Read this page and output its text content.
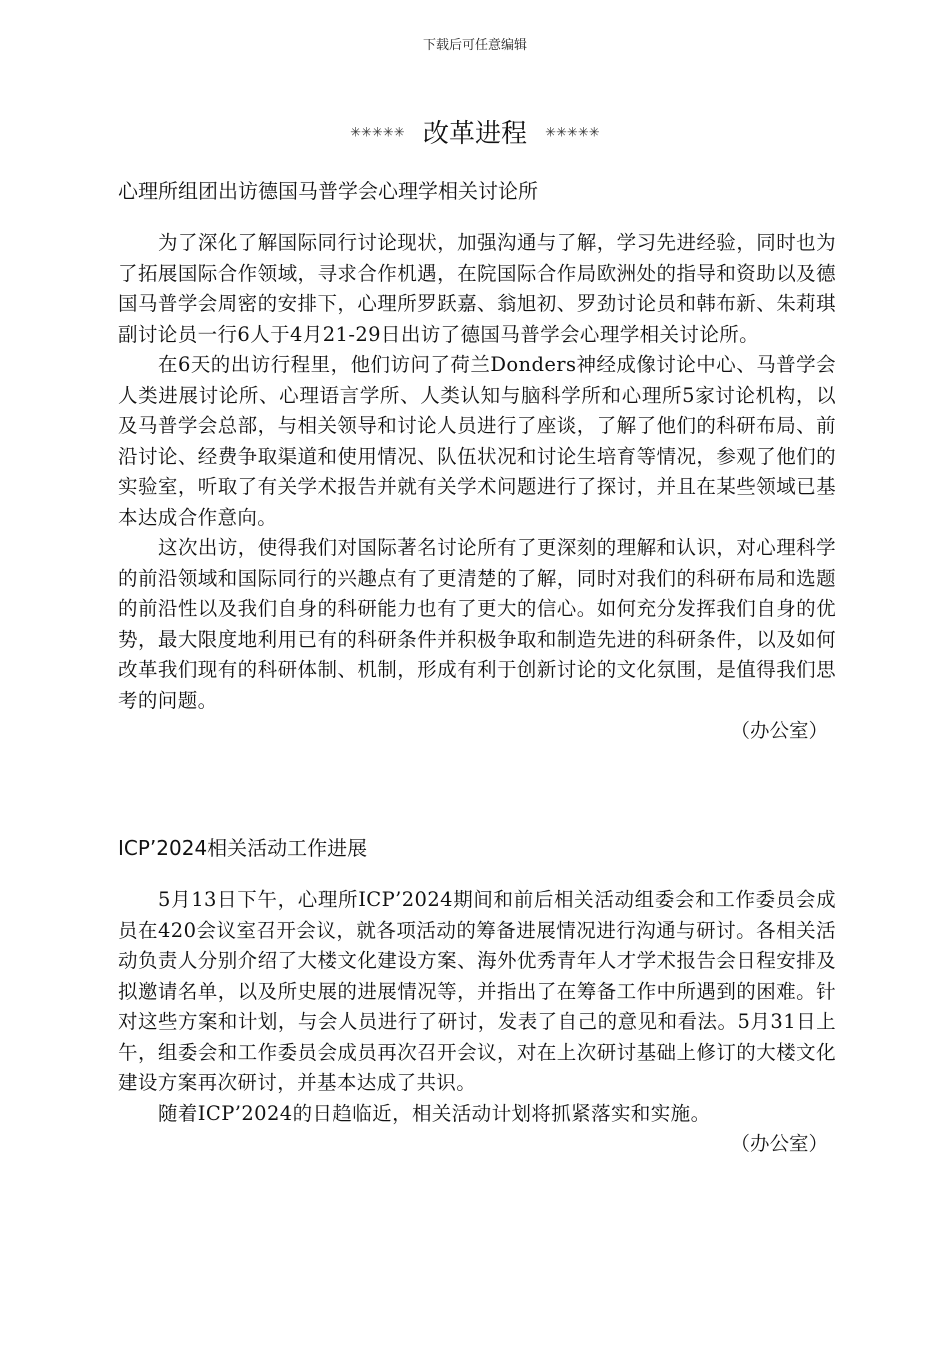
下载后可任意编辑
✳✳✳✳✳ 改革进程 ✳✳✳✳✳
心理所组团出访德国马普学会心理学相关讨论所

为了深化了解国际同行讨论现状，加强沟通与了解，学习先进经验，同时也为了拓展国际合作领域，寻求合作机遇，在院国际合作局欧洲处的指导和资助以及德国马普学会周密的安排下，心理所罗跃嘉、翁旭初、罗劲讨论员和韩布新、朱莉琪副讨论员一行6人于4月21-29日出访了德国马普学会心理学相关讨论所。

在6天的出访行程里，他们访问了荷兰Donders神经成像讨论中心、马普学会人类进展讨论所、心理语言学所、人类认知与脑科学所和心理所5家讨论机构，以及马普学会总部，与相关领导和讨论人员进行了座谈，了解了他们的科研布局、前沿讨论、经费争取渠道和使用情况、队伍状况和讨论生培育等情况，参观了他们的实验室，听取了有关学术报告并就有关学术问题进行了探讨，并且在某些领域已基本达成合作意向。

这次出访，使得我们对国际著名讨论所有了更深刻的理解和认识，对心理科学的前沿领域和国际同行的兴趣点有了更清楚的了解，同时对我们的科研布局和选题的前沿性以及我们自身的科研能力也有了更大的信心。如何充分发挥我们自身的优势，最大限度地利用已有的科研条件并积极争取和制造先进的科研条件，以及如何改革我们现有的科研体制、机制，形成有利于创新讨论的文化氛围，是值得我们思考的问题。

（办公室）

ICP’2024相关活动工作进展

5月13日下午，心理所ICP’2024期间和前后相关活动组委会和工作委员会成员在420会议室召开会议，就各项活动的筹备进展情况进行沟通与研讨。各相关活动负责人分别介绍了大楼文化建设方案、海外优秀青年人才学术报告会日程安排及拟邀请名单，以及所史展的进展情况等，并指出了在筹备工作中所遇到的困难。针对这些方案和计划，与会人员进行了研讨，发表了自己的意见和看法。5月31日上午，组委会和工作委员会成员再次召开会议，对在上次研讨基础上修订的大楼文化建设方案再次研讨，并基本达成了共识。

随着ICP’2024的日趋临近，相关活动计划将抓紧落实和实施。

（办公室）
